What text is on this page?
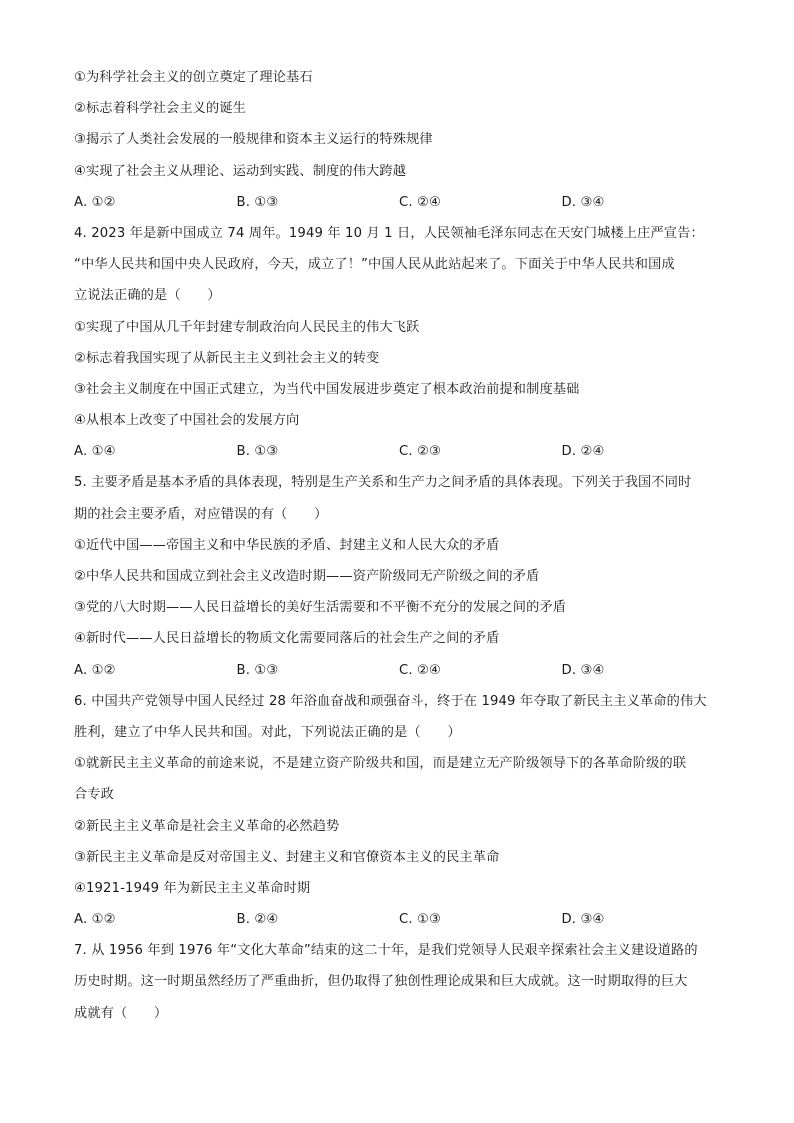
①为科学社会主义的创立奠定了理论基石
②标志着科学社会主义的诞生
③揭示了人类社会发展的一般规律和资本主义运行的特殊规律
④实现了社会主义从理论、运动到实践、制度的伟大跨越
A. ①②	B. ①③	C. ②④	D. ③④
4. 2023 年是新中国成立 74 周年。1949 年 10 月 1 日，人民领袖毛泽东同志在天安门城楼上庄严宣告：
“中华人民共和国中央人民政府，今天，成立了！”中国人民从此站起来了。下面关于中华人民共和国成
立说法正确的是（　　）
①实现了中国从几千年封建专制政治向人民民主的伟大飞跃
②标志着我国实现了从新民主主义到社会主义的转变
③社会主义制度在中国正式建立，为当代中国发展进步奠定了根本政治前提和制度基础
④从根本上改变了中国社会的发展方向
A. ①④	B. ①③	C. ②③	D. ②④
5. 主要矛盾是基本矛盾的具体表现，特别是生产关系和生产力之间矛盾的具体表现。下列关于我国不同时
期的社会主要矛盾，对应错误的有（　　）
①近代中国——帝国主义和中华民族的矛盾、封建主义和人民大众的矛盾
②中华人民共和国成立到社会主义改造时期——资产阶级同无产阶级之间的矛盾
③党的八大时期——人民日益增长的美好生活需要和不平衡不充分的发展之间的矛盾
④新时代——人民日益增长的物质文化需要同落后的社会生产之间的矛盾
A. ①②	B. ①③	C. ②④	D. ③④
6. 中国共产党领导中国人民经过 28 年浴血奋战和顽强奋斗，终于在 1949 年夺取了新民主主义革命的伟大
胜利，建立了中华人民共和国。对此，下列说法正确的是（　　）
①就新民主主义革命的前途来说，不是建立资产阶级共和国，而是建立无产阶级领导下的各革命阶级的联
合专政
②新民主主义革命是社会主义革命的必然趋势
③新民主主义革命是反对帝国主义、封建主义和官僚资本主义的民主革命
④1921-1949 年为新民主主义革命时期
A. ①②	B. ②④	C. ①③	D. ③④
7. 从 1956 年到 1976 年“文化大革命”结束的这二十年，是我们党领导人民艰辛探索社会主义建设道路的
历史时期。这一时期虽然经历了严重曲折，但仍取得了独创性理论成果和巨大成就。这一时期取得的巨大
成就有（　　）
